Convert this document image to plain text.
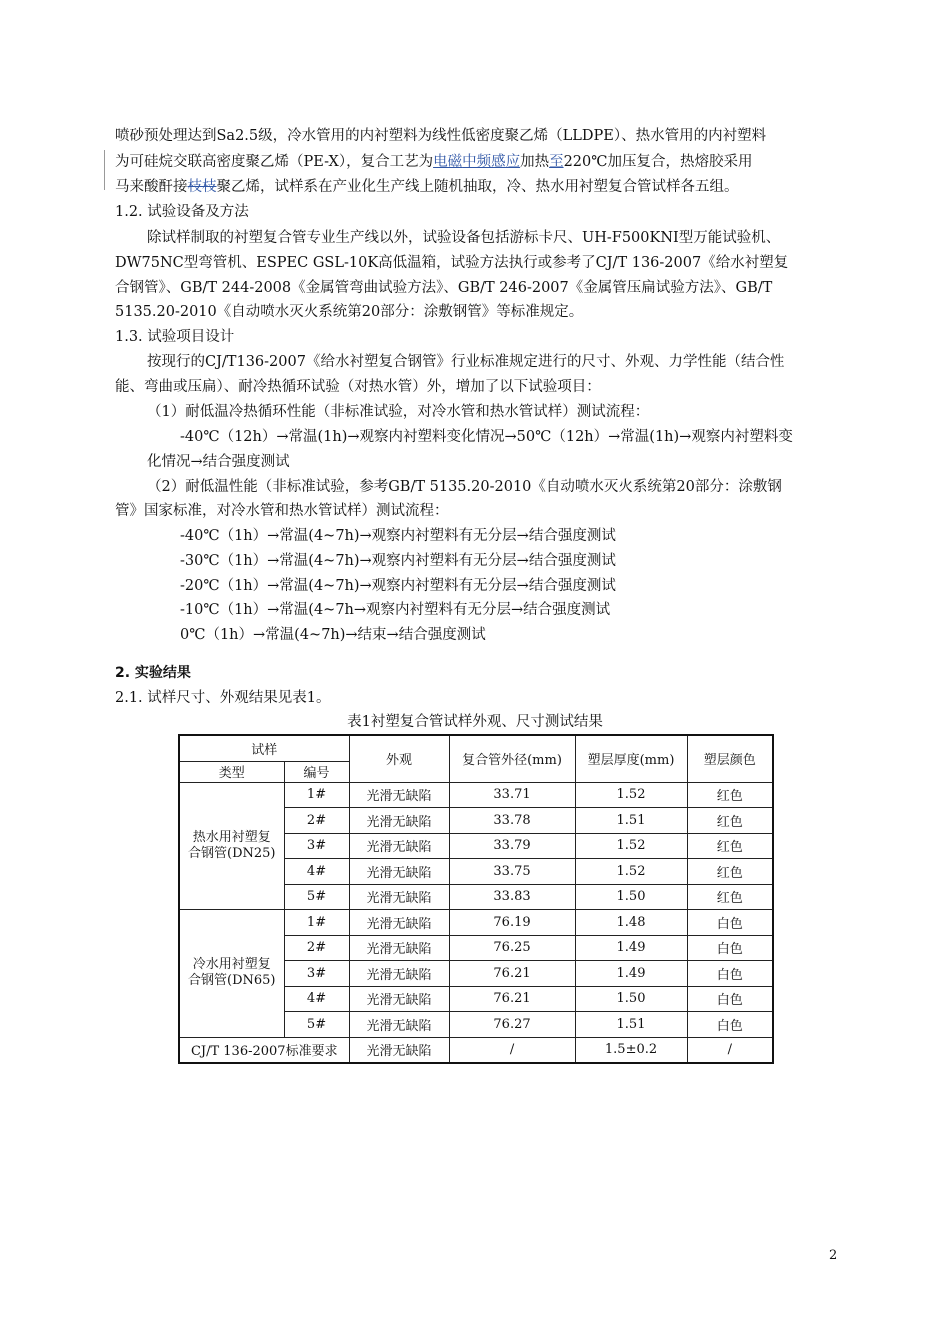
喷砂预处理达到Sa2.5级，冷水管用的内衬塑料为线性低密度聚乙烯（LLDPE）、热水管用的内衬塑料
为可硅烷交联高密度聚乙烯（PE-X），复合工艺为电磁中频感应加热至220℃加压复合，热熔胶采用
马来酸酐接枝枝聚乙烯，试样系在产业化生产线上随机抽取，冷、热水用衬塑复合管试样各五组。
1.2. 试验设备及方法
除试样制取的衬塑复合管专业生产线以外，试验设备包括游标卡尺、UH-F500KNI型万能试验机、
DW75NC型弯管机、ESPEC GSL-10K高低温箱，试验方法执行或参考了CJ/T 136-2007《给水衬塑复
合钢管》、GB/T 244-2008《金属管弯曲试验方法》、GB/T 246-2007《金属管压扁试验方法》、GB/T
5135.20-2010《自动喷水灭火系统第20部分：涂敷钢管》等标准规定。
1.3. 试验项目设计
按现行的CJ/T136-2007《给水衬塑复合钢管》行业标准规定进行的尺寸、外观、力学性能（结合性
能、弯曲或压扁）、耐冷热循环试验（对热水管）外，增加了以下试验项目：
（1）耐低温冷热循环性能（非标准试验，对冷水管和热水管试样）测试流程：
-40℃（12h）→常温(1h)→观察内衬塑料变化情况→50℃（12h）→常温(1h)→观察内衬塑料变
化情况→结合强度测试
（2）耐低温性能（非标准试验，参考GB/T 5135.20-2010《自动喷水灭火系统第20部分：涂敷钢
管》国家标准，对冷水管和热水管试样）测试流程：
-40℃（1h）→常温(4~7h)→观察内衬塑料有无分层→结合强度测试
-30℃（1h）→常温(4~7h)→观察内衬塑料有无分层→结合强度测试
-20℃（1h）→常温(4~7h)→观察内衬塑料有无分层→结合强度测试
-10℃（1h）→常温(4~7h→观察内衬塑料有无分层→结合强度测试
0℃（1h）→常温(4~7h)→结束→结合强度测试
2. 实验结果
2.1. 试样尺寸、外观结果见表1。
表1衬塑复合管试样外观、尺寸测试结果
试样		外观	复合管外径(mm)	塑层厚度(mm)	塑层颜色
类型	编号				
热水用衬塑复合钢管(DN25)	1#	光滑无缺陷	33.71	1.52	红色
	2#	光滑无缺陷	33.78	1.51	红色
	3#	光滑无缺陷	33.79	1.52	红色
	4#	光滑无缺陷	33.75	1.52	红色
	5#	光滑无缺陷	33.83	1.50	红色
冷水用衬塑复合钢管(DN65)	1#	光滑无缺陷	76.19	1.48	白色
	2#	光滑无缺陷	76.25	1.49	白色
	3#	光滑无缺陷	76.21	1.49	白色
	4#	光滑无缺陷	76.21	1.50	白色
	5#	光滑无缺陷	76.27	1.51	白色
CJ/T 136-2007标准要求		光滑无缺陷	/	1.5±0.2	/
2
